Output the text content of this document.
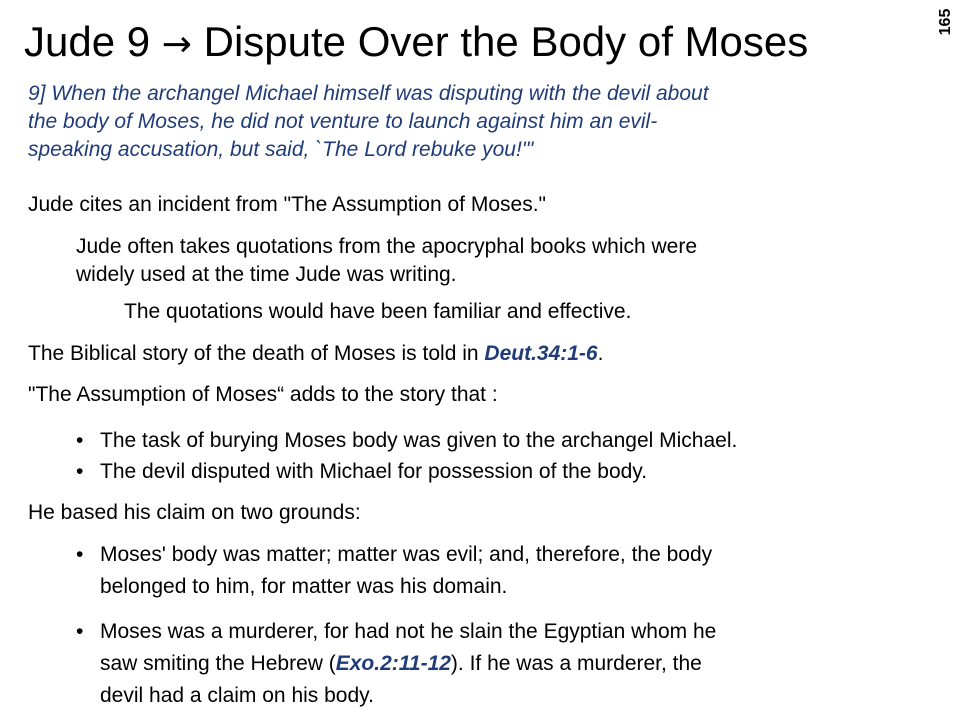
Jude 9 → Dispute Over the Body of Moses	165
9] When the archangel Michael himself was disputing with the devil about
the body of Moses, he did not venture to launch against him an evil-
speaking accusation, but said, `The Lord rebuke you!'"
Jude cites an incident from "The Assumption of Moses."
Jude often takes quotations from the apocryphal books which were
widely used at the time Jude was writing.
The quotations would have been familiar and effective.
The Biblical story of the death of Moses is told in Deut.34:1-6.
"The Assumption of Moses“ adds to the story that :
• The task of burying Moses body was given to the archangel Michael.
• The devil disputed with Michael for possession of the body.
He based his claim on two grounds:
• Moses' body was matter; matter was evil; and, therefore, the body
belonged to him, for matter was his domain.
• Moses was a murderer, for had not he slain the Egyptian whom he
saw smiting the Hebrew (Exo.2:11-12). If he was a murderer, the
devil had a claim on his body.
